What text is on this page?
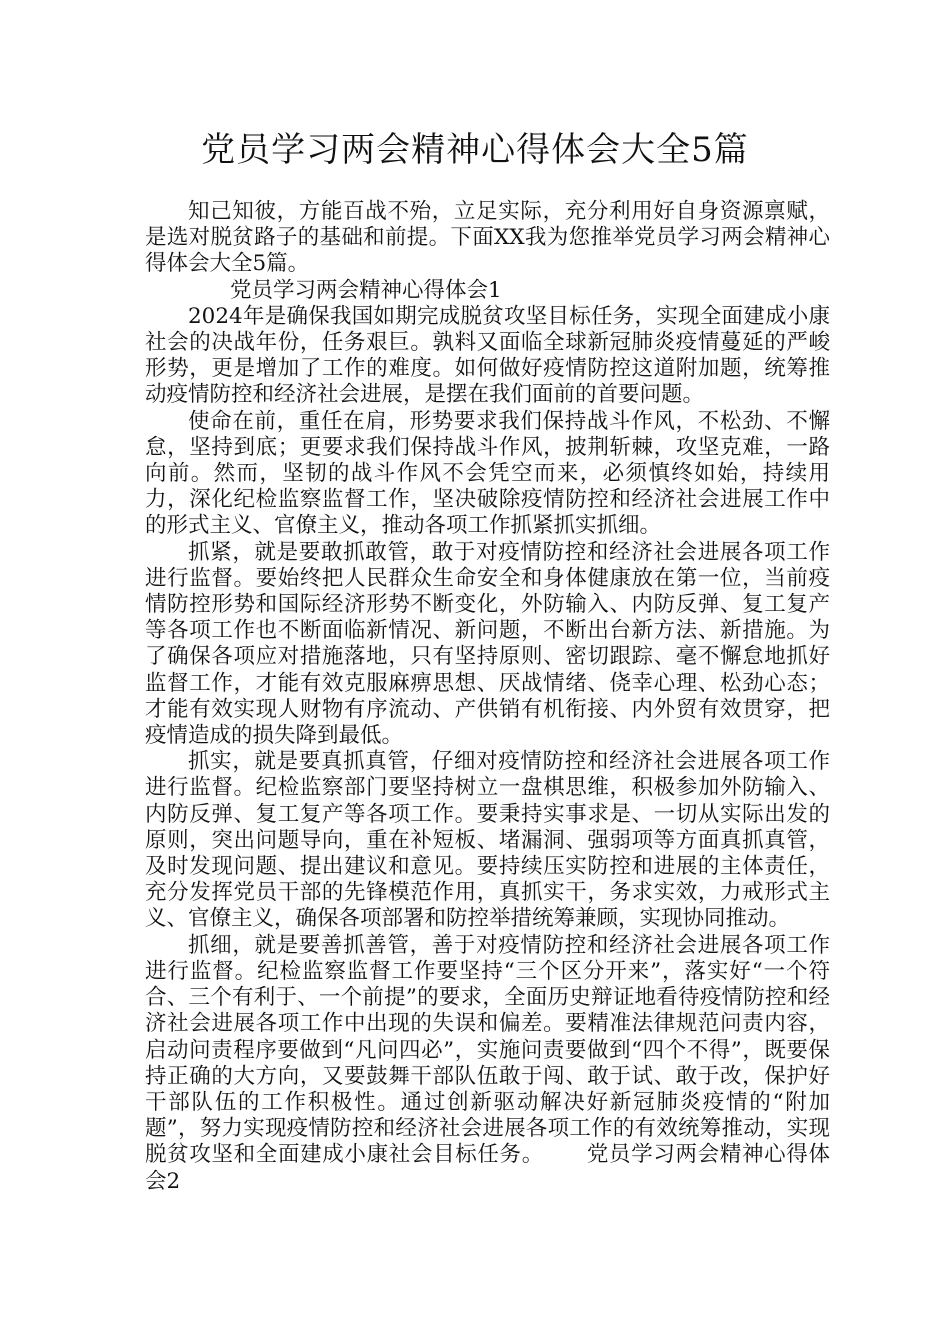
党员学习两会精神心得体会大全5篇

知己知彼，方能百战不殆，立足实际，充分利用好自身资源禀赋，是选对脱贫路子的基础和前提。下面XX我为您推举党员学习两会精神心得体会大全5篇。

党员学习两会精神心得体会1

2024年是确保我国如期完成脱贫攻坚目标任务，实现全面建成小康社会的决战年份，任务艰巨。孰料又面临全球新冠肺炎疫情蔓延的严峻形势，更是增加了工作的难度。如何做好疫情防控这道附加题，统筹推动疫情防控和经济社会进展，是摆在我们面前的首要问题。

使命在前，重任在肩，形势要求我们保持战斗作风，不松劲、不懈怠，坚持到底；更要求我们保持战斗作风，披荆斩棘，攻坚克难，一路向前。然而，坚韧的战斗作风不会凭空而来，必须慎终如始，持续用力，深化纪检监察监督工作，坚决破除疫情防控和经济社会进展工作中的形式主义、官僚主义，推动各项工作抓紧抓实抓细。

抓紧，就是要敢抓敢管，敢于对疫情防控和经济社会进展各项工作进行监督。要始终把人民群众生命安全和身体健康放在第一位，当前疫情防控形势和国际经济形势不断变化，外防输入、内防反弹、复工复产等各项工作也不断面临新情况、新问题，不断出台新方法、新措施。为了确保各项应对措施落地，只有坚持原则、密切跟踪、毫不懈怠地抓好监督工作，才能有效克服麻痹思想、厌战情绪、侥幸心理、松劲心态；才能有效实现人财物有序流动、产供销有机衔接、内外贸有效贯穿，把疫情造成的损失降到最低。

抓实，就是要真抓真管，仔细对疫情防控和经济社会进展各项工作进行监督。纪检监察部门要坚持树立一盘棋思维，积极参加外防输入、内防反弹、复工复产等各项工作。要秉持实事求是、一切从实际出发的原则，突出问题导向，重在补短板、堵漏洞、强弱项等方面真抓真管，及时发现问题、提出建议和意见。要持续压实防控和进展的主体责任，充分发挥党员干部的先锋模范作用，真抓实干，务求实效，力戒形式主义、官僚主义，确保各项部署和防控举措统筹兼顾，实现协同推动。

抓细，就是要善抓善管，善于对疫情防控和经济社会进展各项工作进行监督。纪检监察监督工作要坚持“三个区分开来”，落实好“一个符合、三个有利于、一个前提”的要求，全面历史辩证地看待疫情防控和经济社会进展各项工作中出现的失误和偏差。要精准法律规范问责内容，启动问责程序要做到“凡问四必”，实施问责要做到“四个不得”，既要保持正确的大方向，又要鼓舞干部队伍敢于闯、敢于试、敢于改，保护好干部队伍的工作积极性。通过创新驱动解决好新冠肺炎疫情的“附加题”，努力实现疫情防控和经济社会进展各项工作的有效统筹推动，实现脱贫攻坚和全面建成小康社会目标任务。 党员学习两会精神心得体会2
